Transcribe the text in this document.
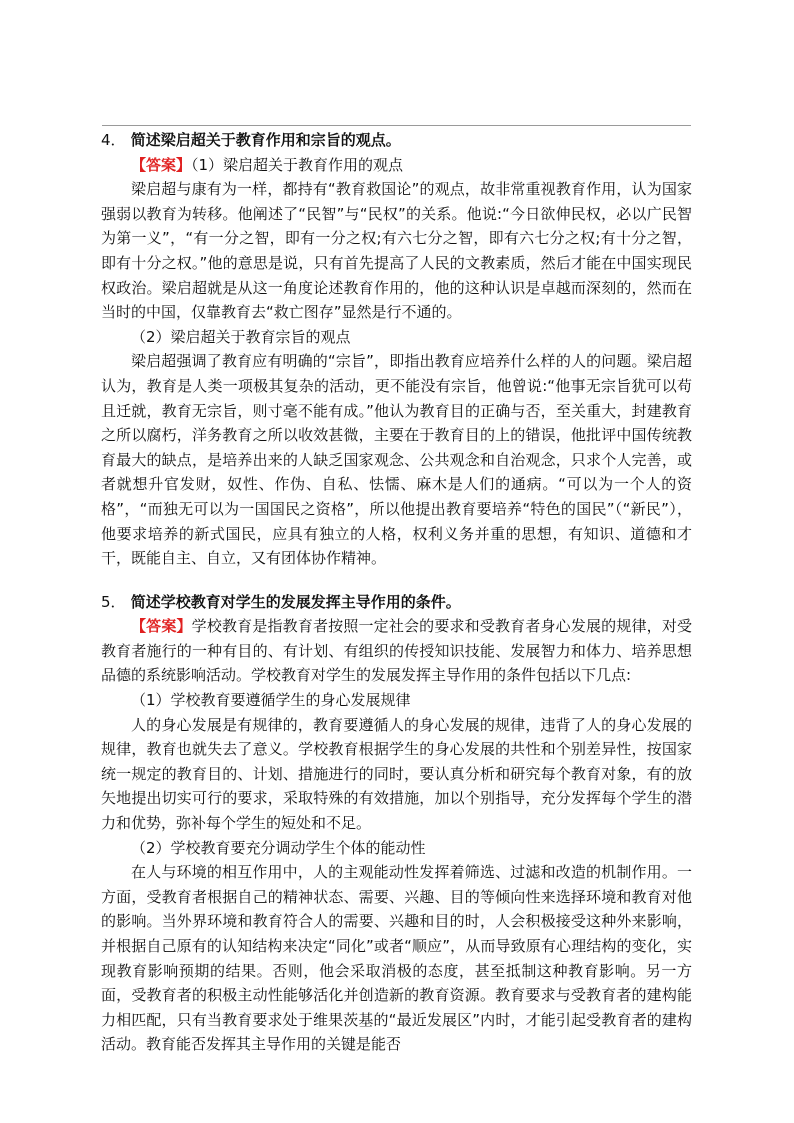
4． 简述梁启超关于教育作用和宗旨的观点。

【答案】（1）梁启超关于教育作用的观点

梁启超与康有为一样，都持有“教育救国论”的观点，故非常重视教育作用，认为国家强弱以教育为转移。他阐述了“民智”与“民权”的关系。他说:“今日欲伸民权，必以广民智为第一义”，“有一分之智，即有一分之权;有六七分之智，即有六七分之权;有十分之智，即有十分之权。”他的意思是说，只有首先提高了人民的文教素质，然后才能在中国实现民权政治。梁启超就是从这一角度论述教育作用的，他的这种认识是卓越而深刻的，然而在当时的中国，仅靠教育去“救亡图存”显然是行不通的。

（2）梁启超关于教育宗旨的观点

梁启超强调了教育应有明确的“宗旨”，即指出教育应培养什么样的人的问题。梁启超认为，教育是人类一项极其复杂的活动，更不能没有宗旨，他曾说:“他事无宗旨犹可以苟且迁就，教育无宗旨，则寸毫不能有成。”他认为教育目的正确与否，至关重大，封建教育之所以腐朽，洋务教育之所以收效甚微，主要在于教育目的上的错误，他批评中国传统教育最大的缺点，是培养出来的人缺乏国家观念、公共观念和自治观念，只求个人完善，或者就想升官发财，奴性、作伪、自私、怯懦、麻木是人们的通病。“可以为一个人的资格”，“而独无可以为一国国民之资格”，所以他提出教育要培养“特色的国民”（“新民”），他要求培养的新式国民，应具有独立的人格，权利义务并重的思想，有知识、道德和才干，既能自主、自立，又有团体协作精神。

5． 简述学校教育对学生的发展发挥主导作用的条件。

【答案】学校教育是指教育者按照一定社会的要求和受教育者身心发展的规律，对受教育者施行的一种有目的、有计划、有组织的传授知识技能、发展智力和体力、培养思想品德的系统影响活动。学校教育对学生的发展发挥主导作用的条件包括以下几点:

（1）学校教育要遵循学生的身心发展规律

人的身心发展是有规律的，教育要遵循人的身心发展的规律，违背了人的身心发展的规律，教育也就失去了意义。学校教育根据学生的身心发展的共性和个别差异性，按国家统一规定的教育目的、计划、措施进行的同时，要认真分析和研究每个教育对象，有的放矢地提出切实可行的要求，采取特殊的有效措施，加以个别指导，充分发挥每个学生的潜力和优势，弥补每个学生的短处和不足。

（2）学校教育要充分调动学生个体的能动性

在人与环境的相互作用中，人的主观能动性发挥着筛选、过滤和改造的机制作用。一方面，受教育者根据自己的精神状态、需要、兴趣、目的等倾向性来选择环境和教育对他的影响。当外界环境和教育符合人的需要、兴趣和目的时，人会积极接受这种外来影响，并根据自己原有的认知结构来决定“同化”或者“顺应”，从而导致原有心理结构的变化，实现教育影响预期的结果。否则，他会采取消极的态度，甚至抵制这种教育影响。另一方面，受教育者的积极主动性能够活化并创造新的教育资源。教育要求与受教育者的建构能力相匹配，只有当教育要求处于维果茨基的“最近发展区”内时，才能引起受教育者的建构活动。教育能否发挥其主导作用的关键是能否
